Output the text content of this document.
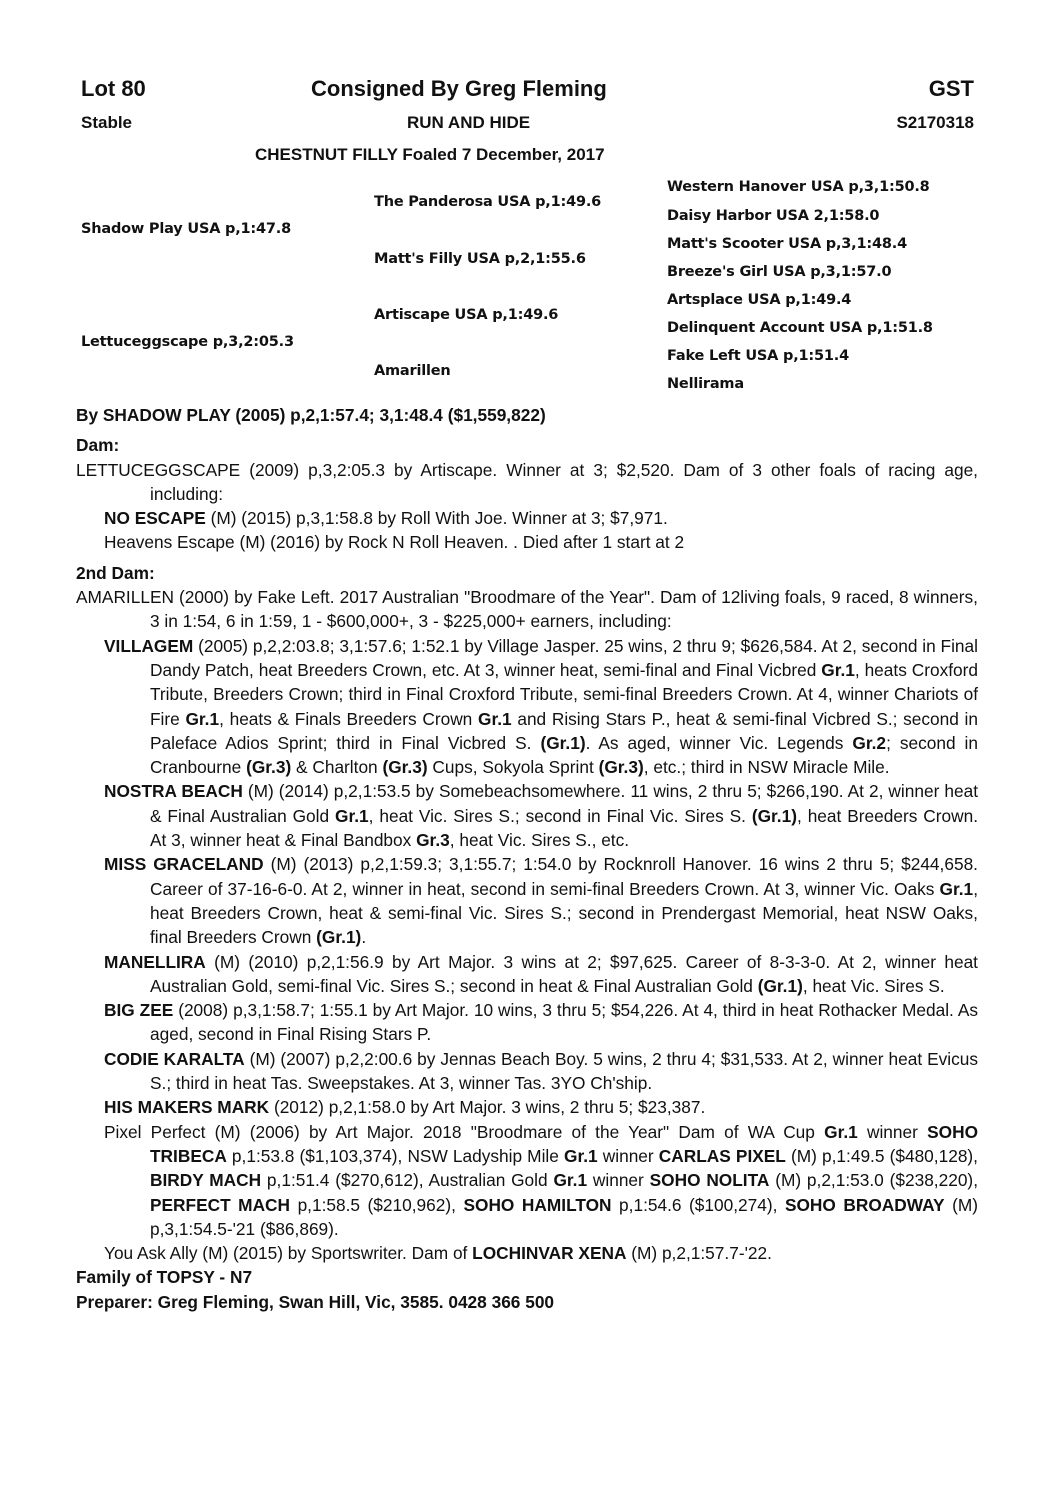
Lot 80	Consigned By Greg Fleming	GST
Stable	RUN AND HIDE	S2170318
CHESTNUT FILLY Foaled 7 December, 2017
Shadow Play USA p,1:47.8
Lettuceggscape p,3,2:05.3
The Panderosa USA p,1:49.6
Matt's Filly USA p,2,1:55.6
Artiscape USA p,1:49.6
Amarillen
Western Hanover USA p,3,1:50.8
Daisy Harbor USA 2,1:58.0
Matt's Scooter USA p,3,1:48.4
Breeze's Girl USA p,3,1:57.0
Artsplace USA p,1:49.4
Delinquent Account USA p,1:51.8
Fake Left USA p,1:51.4
Nellirama
By SHADOW PLAY (2005) p,2,1:57.4; 3,1:48.4 ($1,559,822)
Dam:
LETTUCEGGSCAPE (2009) p,3,2:05.3 by Artiscape. Winner at 3; $2,520. Dam of 3 other foals of racing age, including:
NO ESCAPE (M) (2015) p,3,1:58.8 by Roll With Joe. Winner at 3; $7,971.
Heavens Escape (M) (2016) by Rock N Roll Heaven. . Died after 1 start at 2
2nd Dam:
AMARILLEN (2000) by Fake Left. 2017 Australian "Broodmare of the Year". Dam of 12living foals, 9 raced, 8 winners, 3 in 1:54, 6 in 1:59, 1 - $600,000+, 3 - $225,000+ earners, including:
VILLAGEM (2005) p,2,2:03.8; 3,1:57.6; 1:52.1 by Village Jasper. 25 wins, 2 thru 9; $626,584. At 2, second in Final Dandy Patch, heat Breeders Crown, etc. At 3, winner heat, semi-final and Final Vicbred Gr.1, heats Croxford Tribute, Breeders Crown; third in Final Croxford Tribute, semi-final Breeders Crown. At 4, winner Chariots of Fire Gr.1, heats & Finals Breeders Crown Gr.1 and Rising Stars P., heat & semi-final Vicbred S.; second in Paleface Adios Sprint; third in Final Vicbred S. (Gr.1). As aged, winner Vic. Legends Gr.2; second in Cranbourne (Gr.3) & Charlton (Gr.3) Cups, Sokyola Sprint (Gr.3), etc.; third in NSW Miracle Mile.
NOSTRA BEACH (M) (2014) p,2,1:53.5 by Somebeachsomewhere. 11 wins, 2 thru 5; $266,190. At 2, winner heat & Final Australian Gold Gr.1, heat Vic. Sires S.; second in Final Vic. Sires S. (Gr.1), heat Breeders Crown. At 3, winner heat & Final Bandbox Gr.3, heat Vic. Sires S., etc.
MISS GRACELAND (M) (2013) p,2,1:59.3; 3,1:55.7; 1:54.0 by Rocknroll Hanover. 16 wins 2 thru 5; $244,658. Career of 37-16-6-0. At 2, winner in heat, second in semi-final Breeders Crown. At 3, winner Vic. Oaks Gr.1, heat Breeders Crown, heat & semi-final Vic. Sires S.; second in Prendergast Memorial, heat NSW Oaks, final Breeders Crown (Gr.1).
MANELLIRA (M) (2010) p,2,1:56.9 by Art Major. 3 wins at 2; $97,625. Career of 8-3-3-0. At 2, winner heat Australian Gold, semi-final Vic. Sires S.; second in heat & Final Australian Gold (Gr.1), heat Vic. Sires S.
BIG ZEE (2008) p,3,1:58.7; 1:55.1 by Art Major. 10 wins, 3 thru 5; $54,226. At 4, third in heat Rothacker Medal. As aged, second in Final Rising Stars P.
CODIE KARALTA (M) (2007) p,2,2:00.6 by Jennas Beach Boy. 5 wins, 2 thru 4; $31,533. At 2, winner heat Evicus S.; third in heat Tas. Sweepstakes. At 3, winner Tas. 3YO Ch'ship.
HIS MAKERS MARK (2012) p,2,1:58.0 by Art Major. 3 wins, 2 thru 5; $23,387.
Pixel Perfect (M) (2006) by Art Major. 2018 "Broodmare of the Year" Dam of WA Cup Gr.1 winner SOHO TRIBECA p,1:53.8 ($1,103,374), NSW Ladyship Mile Gr.1 winner CARLAS PIXEL (M) p,1:49.5 ($480,128), BIRDY MACH p,1:51.4 ($270,612), Australian Gold Gr.1 winner SOHO NOLITA (M) p,2,1:53.0 ($238,220), PERFECT MACH p,1:58.5 ($210,962), SOHO HAMILTON p,1:54.6 ($100,274), SOHO BROADWAY (M) p,3,1:54.5-'21 ($86,869).
You Ask Ally (M) (2015) by Sportswriter. Dam of LOCHINVAR XENA (M) p,2,1:57.7-'22.
Family of TOPSY - N7
Preparer: Greg Fleming, Swan Hill, Vic, 3585. 0428 366 500
